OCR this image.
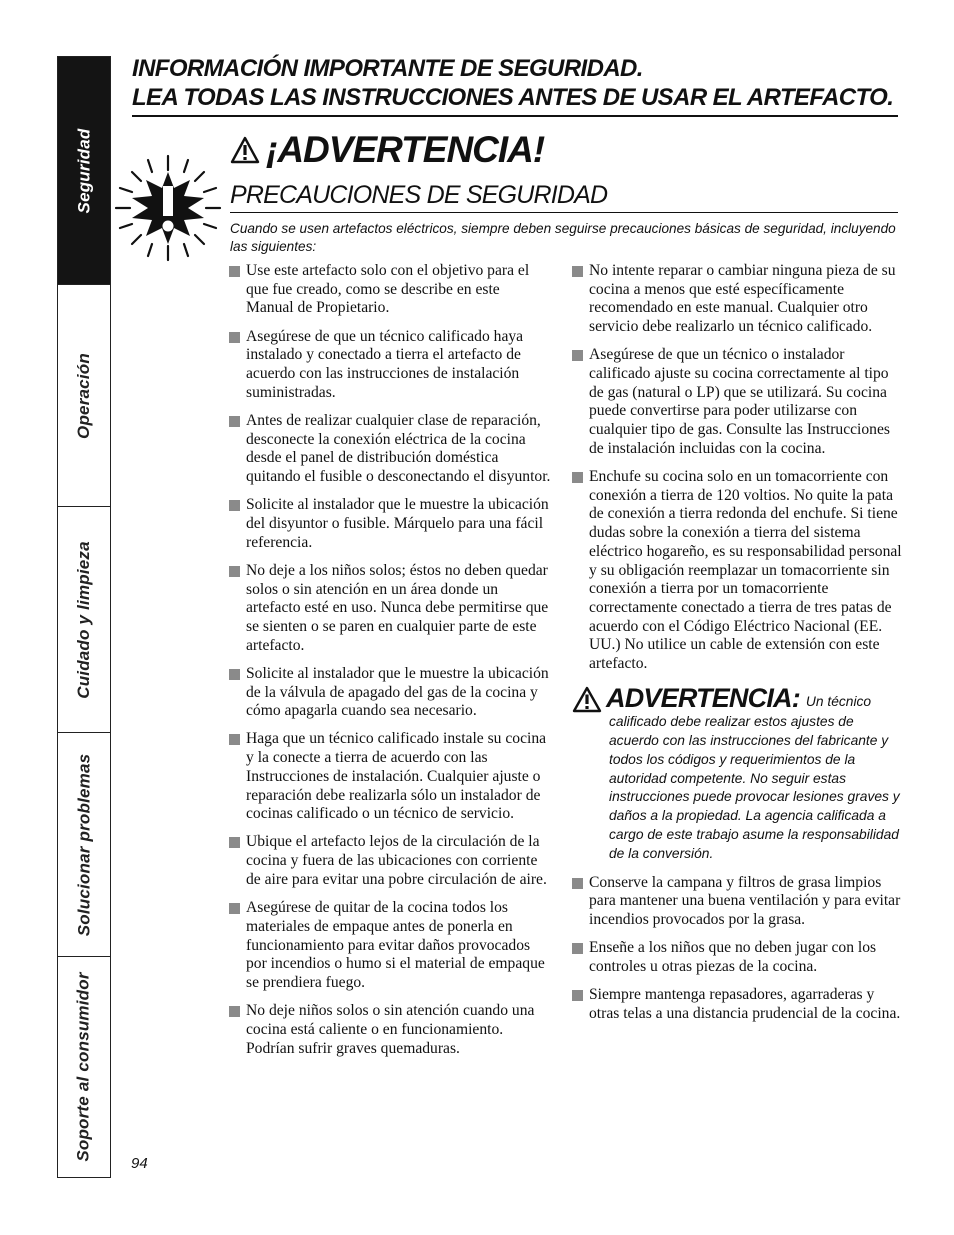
Seguridad
Operación
Cuidado y limpieza
Solucionar problemas
Soporte al consumidor
INFORMACIÓN IMPORTANTE DE SEGURIDAD.
LEA TODAS LAS INSTRUCCIONES ANTES DE USAR EL ARTEFACTO.
¡ADVERTENCIA!
PRECAUCIONES DE SEGURIDAD
Cuando se usen artefactos eléctricos, siempre deben seguirse precauciones básicas de seguridad, incluyendo las siguientes:
Use este artefacto solo con el objetivo para el que fue creado, como se describe en este Manual de Propietario.
Asegúrese de que un técnico calificado haya instalado y conectado a tierra el artefacto de acuerdo con las instrucciones de instalación suministradas.
Antes de realizar cualquier clase de reparación, desconecte la conexión eléctrica de la cocina desde el panel de distribución doméstica quitando el fusible o desconectando el disyuntor.
Solicite al instalador que le muestre la ubicación del disyuntor o fusible. Márquelo para una fácil referencia.
No deje a los niños solos; éstos no deben quedar solos o sin atención en un área donde un artefacto esté en uso. Nunca debe permitirse que se sienten o se paren en cualquier parte de este artefacto.
Solicite al instalador que le muestre la ubicación de la válvula de apagado del gas de la cocina y cómo apagarla cuando sea necesario.
Haga que un técnico calificado instale su cocina y la conecte a tierra de acuerdo con las Instrucciones de instalación. Cualquier ajuste o reparación debe realizarla sólo un instalador de cocinas calificado o un técnico de servicio.
Ubique el artefacto lejos de la circulación de la cocina y fuera de las ubicaciones con corriente de aire para evitar una pobre circulación de aire.
Asegúrese de quitar de la cocina todos los materiales de empaque antes de ponerla en funcionamiento para evitar daños provocados por incendios o humo si el material de empaque se prendiera fuego.
No deje niños solos o sin atención cuando una cocina está caliente o en funcionamiento. Podrían sufrir graves quemaduras.
No intente reparar o cambiar ninguna pieza de su cocina a menos que esté específicamente recomendado en este manual. Cualquier otro servicio debe realizarlo un técnico calificado.
Asegúrese de que un técnico o instalador calificado ajuste su cocina correctamente al tipo de gas (natural o LP) que se utilizará. Su cocina puede convertirse para poder utilizarse con cualquier tipo de gas. Consulte las Instrucciones de instalación incluidas con la cocina.
Enchufe su cocina solo en un tomacorriente con conexión a tierra de 120 voltios. No quite la pata de conexión a tierra redonda del enchufe. Si tiene dudas sobre la conexión a tierra del sistema eléctrico hogareño, es su responsabilidad personal y su obligación reemplazar un tomacorriente sin conexión a tierra por un tomacorriente correctamente conectado a tierra de tres patas de acuerdo con el Código Eléctrico Nacional (EE. UU.) No utilice un cable de extensión con este artefacto.
ADVERTENCIA: Un técnico
calificado debe realizar estos ajustes de acuerdo con las instrucciones del fabricante y todos los códigos y requerimientos de la autoridad competente. No seguir estas instrucciones puede provocar lesiones graves y daños a la propiedad. La agencia calificada a cargo de este trabajo asume la responsabilidad de la conversión.
Conserve la campana y filtros de grasa limpios para mantener una buena ventilación y para evitar incendios provocados por la grasa.
Enseñe a los niños que no deben jugar con los controles u otras piezas de la cocina.
Siempre mantenga repasadores, agarraderas y otras telas a una distancia prudencial de la cocina.
94
